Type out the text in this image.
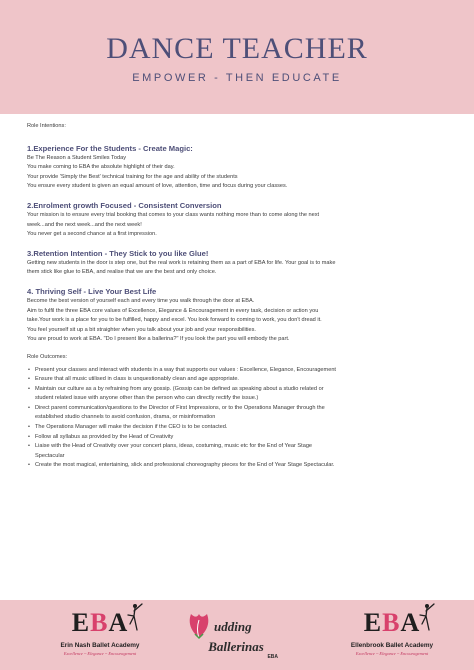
DANCE TEACHER
EMPOWER - THEN EDUCATE
Role Intentions:
1.Experience For the Students - Create Magic:
Be The Reason a Student Smiles Today
You make coming to EBA the absolute highlight of their day.
Your provide 'Simply the Best' technical training for the age and ability of the students
You ensure every student is given an equal amount of love, attention, time and focus during your classes.
2.Enrolment growth Focused - Consistent Conversion
Your mission is to ensure every trial booking that comes to your class wants nothing more than to come along the next
week...and the next week...and the next week!
You never get a second chance at a first impression.
3.Retention Intention - They Stick to you like Glue!
Getting new students in the door is step one, but the real work is retaining them as a part of EBA for life. Your goal is to make
them stick like glue to EBA, and realise that we are the best and only choice.
4. Thriving Self - Live Your Best Life
Become the best version of yourself each and every time you walk through the door at EBA.
Aim to fulfil the three EBA core values of Excellence, Elegance & Encouragement in every task, decision or action you
take.Your work is a place for you to be fulfilled, happy and excel. You look forward to coming to work, you don't dread it.
You feel yourself sit up a bit straighter when you talk about your job and your responsibilities.
You are proud to work at EBA. "Do I present like a ballerina?" If you look the part you will embody the part.
Role Outcomes:
• Present your classes and interact with students in a way that supports our values : Excellence, Elegance, Encouragement
• Ensure that all music utilised in class is unquestionably clean and age appropriate.
• Maintain our culture as a by refraining from any gossip. (Gossip can be defined as speaking about a studio related or
student related issue with anyone other than the person who can directly rectify the issue.)
• Direct parent communication/questions to the Director of First Impressions, or to the Operations Manager through the
established studio channels to avoid confusion, drama, or misinformation
• The Operations Manager will make the decision if the CEO is to be contacted.
• Follow all syllabus as provided by the Head of Creativity
• Liaise with the Head of Creativity over your concert plans, ideas, costuming, music etc for the End of Year Stage
Spectacular
• Create the most magical, entertaining, slick and professional choreography pieces for the End of Year Stage Spectacular.
EBA
Erin Nash Ballet Academy
Excellence ~ Elegance ~ Encouragement
udding
Ballerinas
EBA
EBA
Ellenbrook Ballet Academy
Excellence ~ Elegance ~ Encouragement
